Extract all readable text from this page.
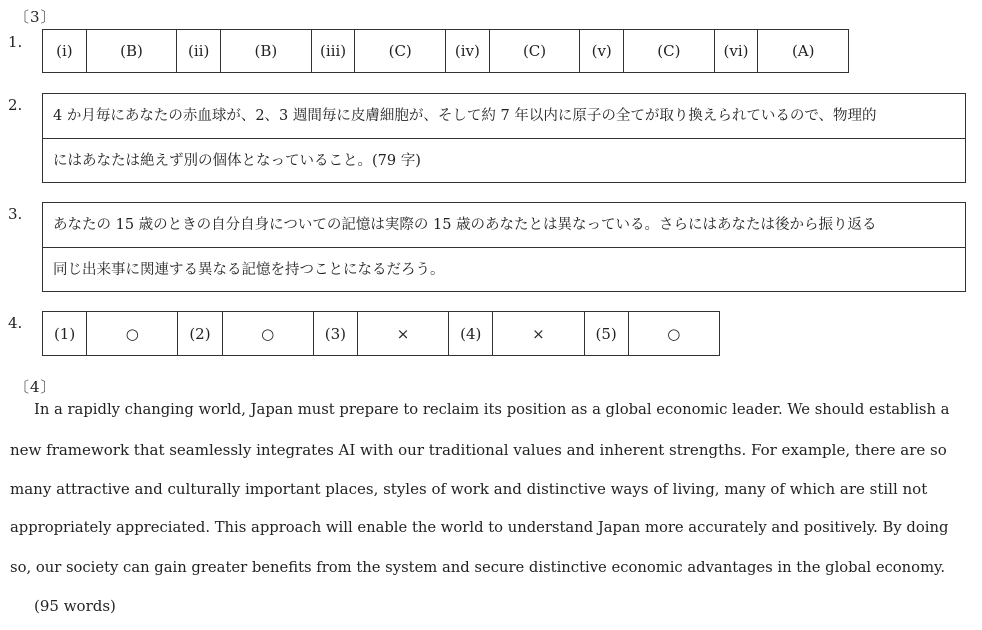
〔3〕
1. (ⅰ)	(B)	(ⅱ)	(B)	(ⅲ)	(C)	(ⅳ)	(C)	(ⅴ)	(C)	(ⅵ)	(A)
2.
4 か月毎にあなたの赤血球が、2、3 週間毎に皮膚細胞が、そして約 7 年以内に原子の全てが取り換えられているので、物理的
にはあなたは絶えず別の個体となっていること。(79 字)
3.
あなたの 15 歳のときの自分自身についての記憶は実際の 15 歳のあなたとは異なっている。さらにはあなたは後から振り返る
同じ出来事に関連する異なる記憶を持つことになるだろう。
4.
(1)	○	(2)	○	(3)	×	(4)	×	(5)	○
〔4〕
In a rapidly changing world, Japan must prepare to reclaim its position as a global economic leader. We should establish a
new framework that seamlessly integrates AI with our traditional values and inherent strengths. For example, there are so
many attractive and culturally important places, styles of work and distinctive ways of living, many of which are still not
appropriately appreciated. This approach will enable the world to understand Japan more accurately and positively. By doing
so, our society can gain greater benefits from the system and secure distinctive economic advantages in the global economy.
(95 words)
